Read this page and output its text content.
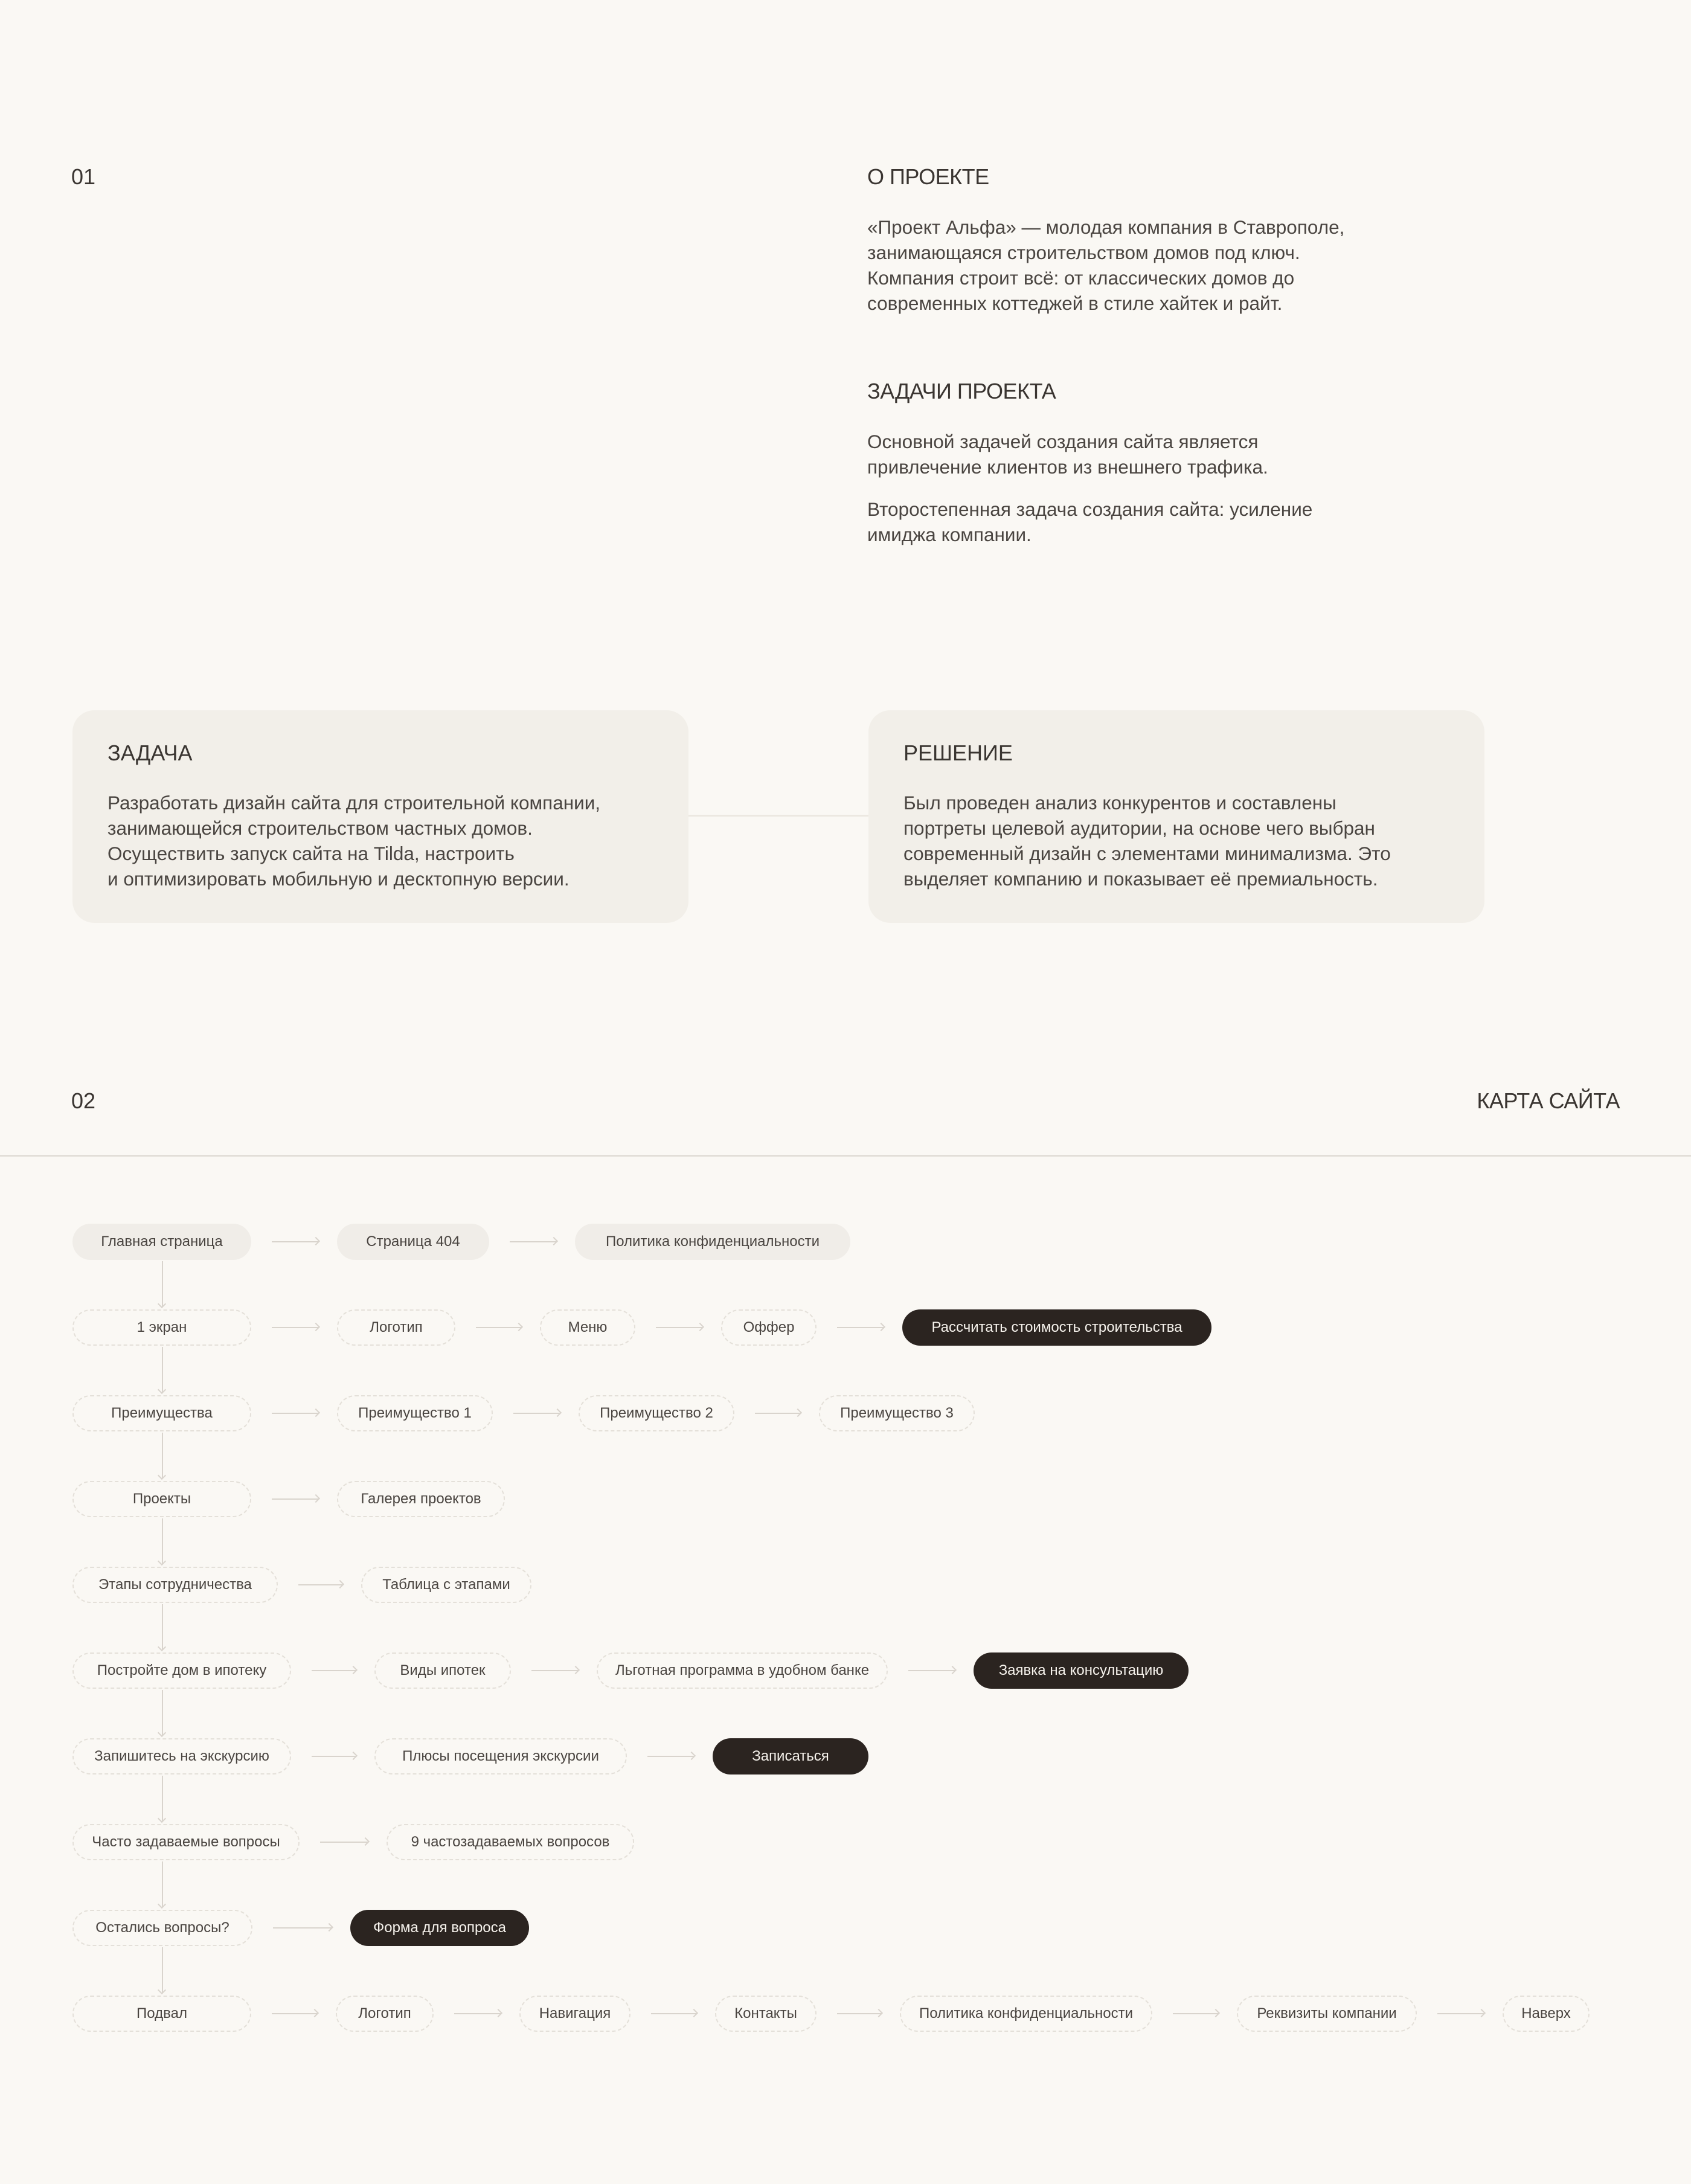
01	О ПРОЕКТЕ
«Проект Альфа» — молодая компания в Ставрополе,
занимающаяся строительством домов под ключ.
Компания строит всё: от классических домов до
современных коттеджей в стиле хайтек и райт.
ЗАДАЧИ ПРОЕКТА
Основной задачей создания сайта является
привлечение клиентов из внешнего трафика.
Второстепенная задача создания сайта: усиление
имиджа компании.
ЗАДАЧА
Разработать дизайн сайта для строительной компании,
занимающейся строительством частных домов.
Осуществить запуск сайта на Tilda, настроить
и оптимизировать мобильную и десктопную версии.
РЕШЕНИЕ
Был проведен анализ конкурентов и составлены
портреты целевой аудитории, на основе чего выбран
современный дизайн с элементами минимализма. Это
выделяет компанию и показывает её премиальность.
02	КАРТА САЙТА
Главная страница	Страница 404	Политика конфиденциальности
1 экран	Логотип	Меню	Оффер	Рассчитать стоимость строительства
Преимущества	Преимущество 1	Преимущество 2	Преимущество 3
Проекты	Галерея проектов
Этапы сотрудничества	Таблица с этапами
Постройте дом в ипотеку	Виды ипотек	Льготная программа в удобном банке	Заявка на консультацию
Запишитесь на экскурсию	Плюсы посещения экскурсии	Записаться
Часто задаваемые вопросы	9 частозадаваемых вопросов
Остались вопросы?	Форма для вопроса
Подвал	Логотип	Навигация	Контакты	Политика конфиденциальности	Реквизиты компании	Наверх
